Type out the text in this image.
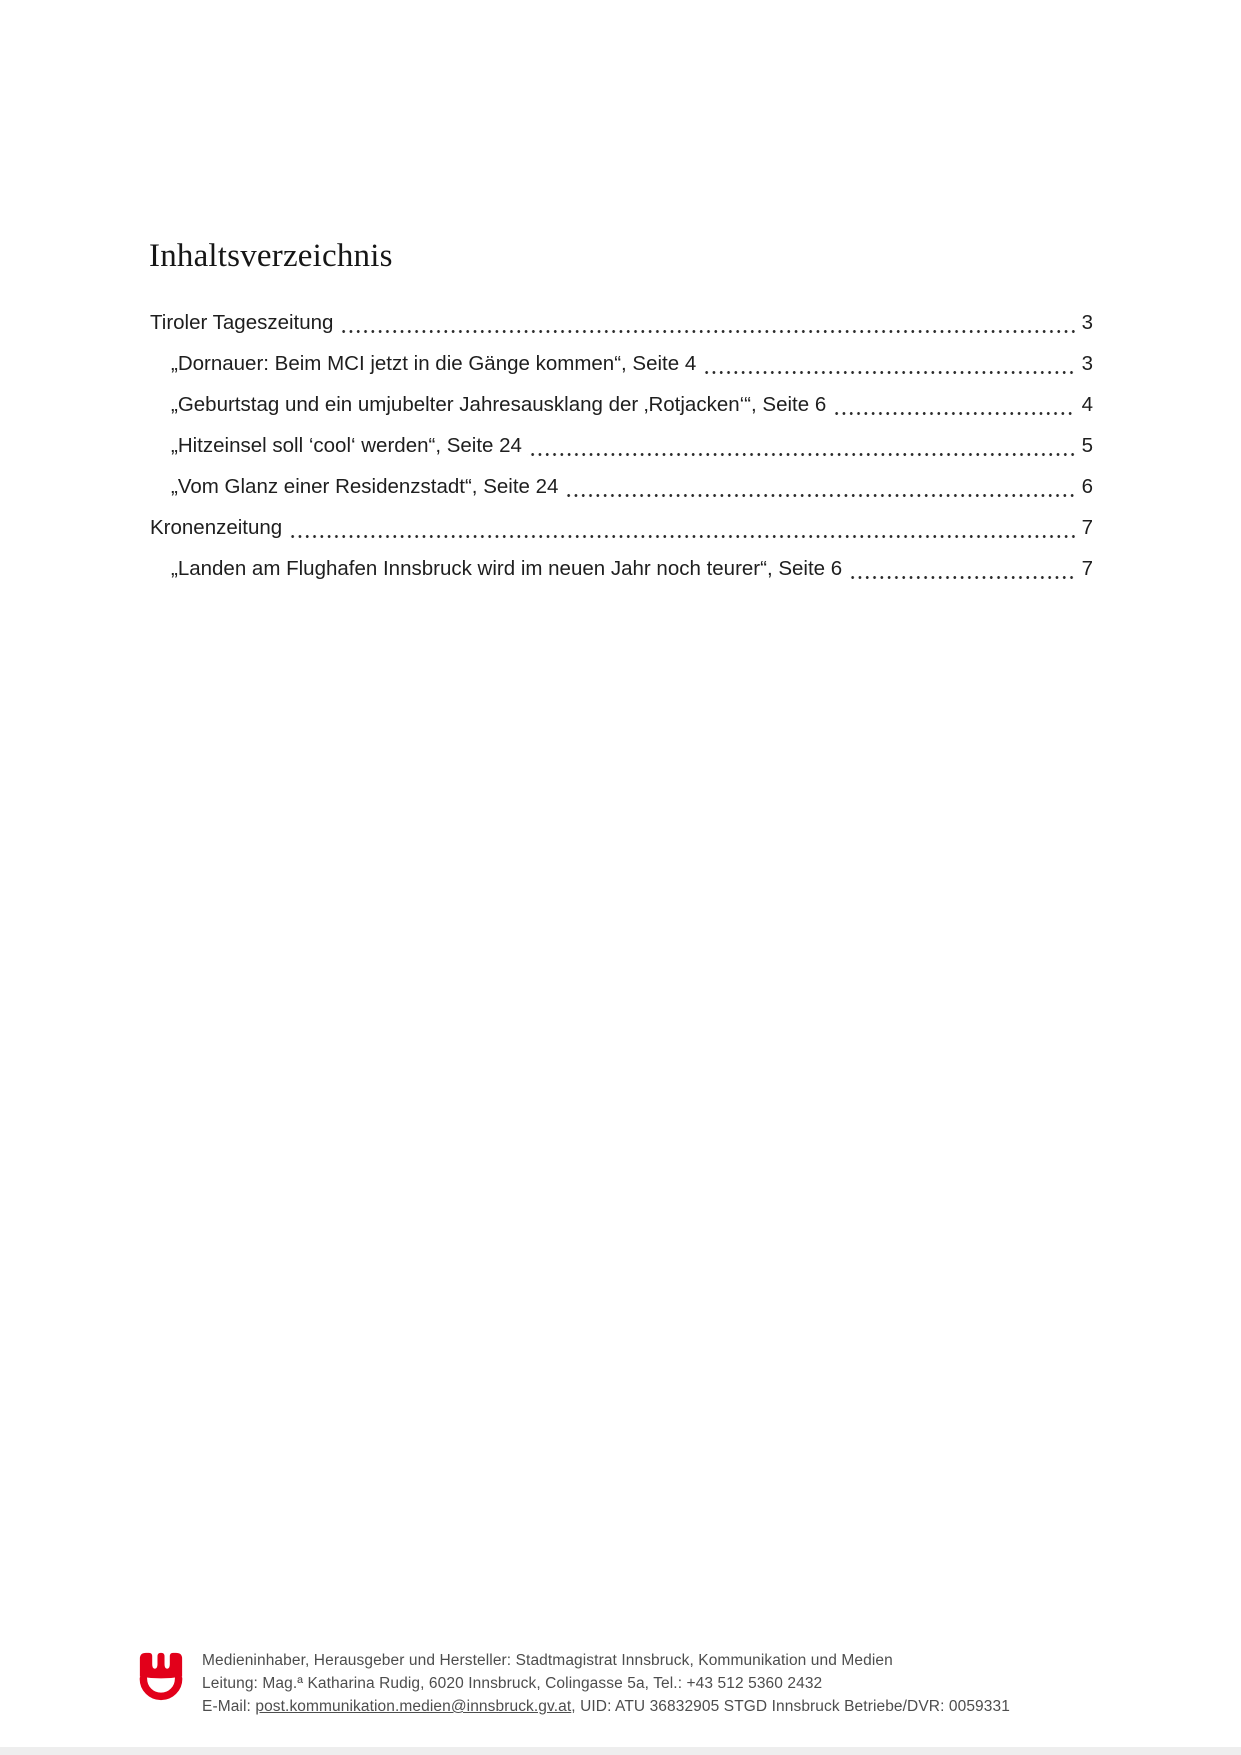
Inhaltsverzeichnis
Tiroler Tageszeitung	3
„Dornauer: Beim MCI jetzt in die Gänge kommen“, Seite 4	3
„Geburtstag und ein umjubelter Jahresausklang der ‚Rotjacken‘“, Seite 6	4
„Hitzeinsel soll ‘cool‘ werden“, Seite 24	5
„Vom Glanz einer Residenzstadt“, Seite 24	6
Kronenzeitung	7
„Landen am Flughafen Innsbruck wird im neuen Jahr noch teurer“, Seite 6	7
Medieninhaber, Herausgeber und Hersteller: Stadtmagistrat Innsbruck, Kommunikation und Medien
Leitung: Mag.ª Katharina Rudig, 6020 Innsbruck, Colingasse 5a, Tel.: +43 512 5360 2432
E-Mail: post.kommunikation.medien@innsbruck.gv.at, UID: ATU 36832905 STGD Innsbruck Betriebe/DVR: 0059331
